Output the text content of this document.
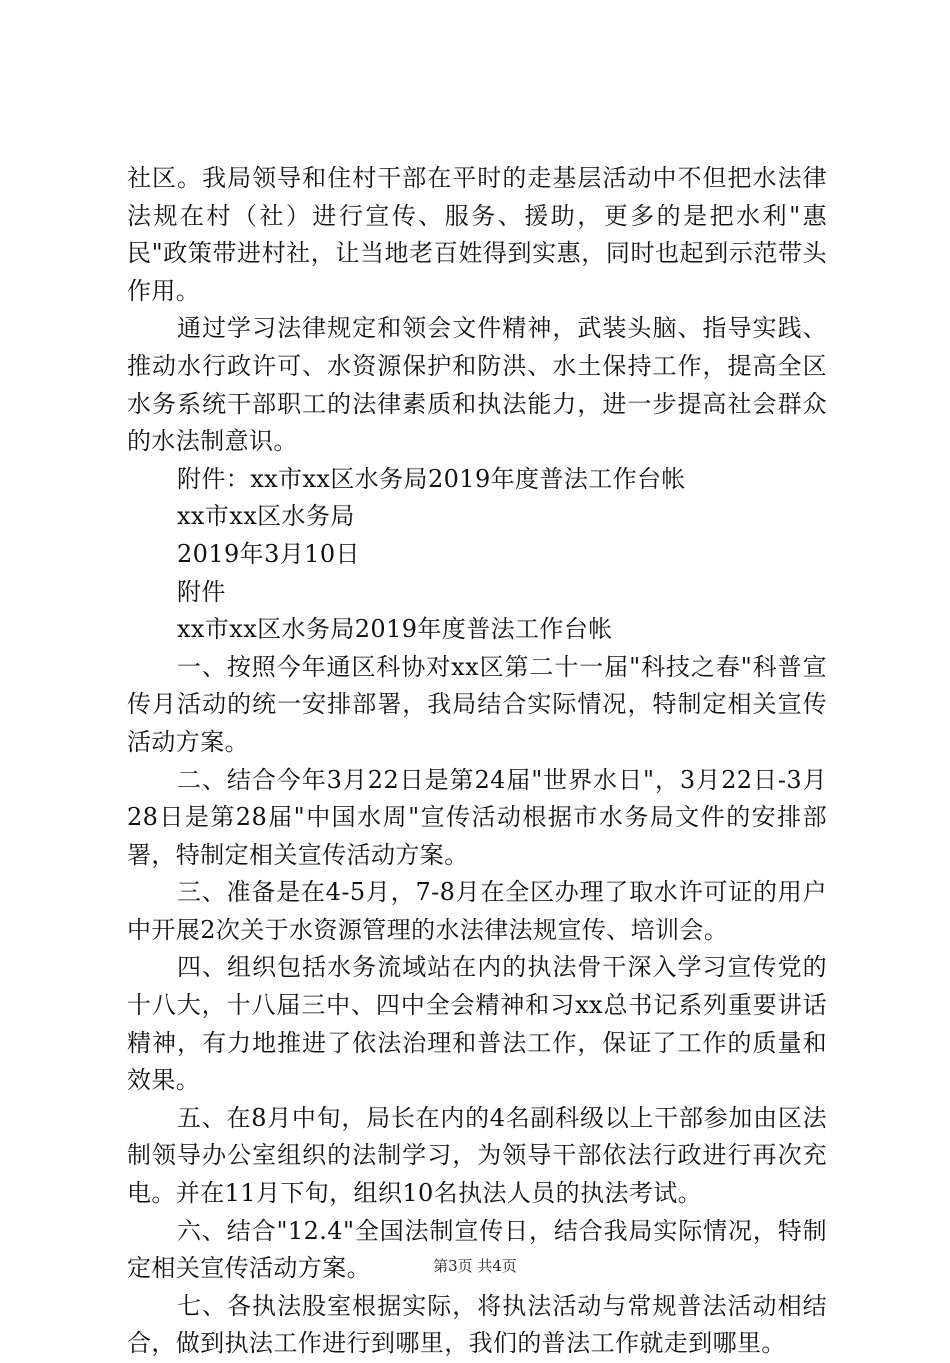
社区。我局领导和住村干部在平时的走基层活动中不但把水法律法规在村（社）进行宣传、服务、援助，更多的是把水利"惠民"政策带进村社，让当地老百姓得到实惠，同时也起到示范带头作用。

通过学习法律规定和领会文件精神，武装头脑、指导实践、推动水行政许可、水资源保护和防洪、水土保持工作，提高全区水务系统干部职工的法律素质和执法能力，进一步提高社会群众的水法制意识。

附件：xx市xx区水务局2019年度普法工作台帐

xx市xx区水务局

2019年3月10日

附件

xx市xx区水务局2019年度普法工作台帐

一、按照今年通区科协对xx区第二十一届"科技之春"科普宣传月活动的统一安排部署，我局结合实际情况，特制定相关宣传活动方案。

二、结合今年3月22日是第24届"世界水日"，3月22日-3月28日是第28届"中国水周"宣传活动根据市水务局文件的安排部署，特制定相关宣传活动方案。

三、准备是在4-5月，7-8月在全区办理了取水许可证的用户中开展2次关于水资源管理的水法律法规宣传、培训会。

四、组织包括水务流域站在内的执法骨干深入学习宣传党的十八大，十八届三中、四中全会精神和习xx总书记系列重要讲话精神，有力地推进了依法治理和普法工作，保证了工作的质量和效果。

五、在8月中旬，局长在内的4名副科级以上干部参加由区法制领导办公室组织的法制学习，为领导干部依法行政进行再次充电。并在11月下旬，组织10名执法人员的执法考试。

六、结合"12.4"全国法制宣传日，结合我局实际情况，特制定相关宣传活动方案。

七、各执法股室根据实际，将执法活动与常规普法活动相结合，做到执法工作进行到哪里，我们的普法工作就走到哪里。

第3页 共4页
